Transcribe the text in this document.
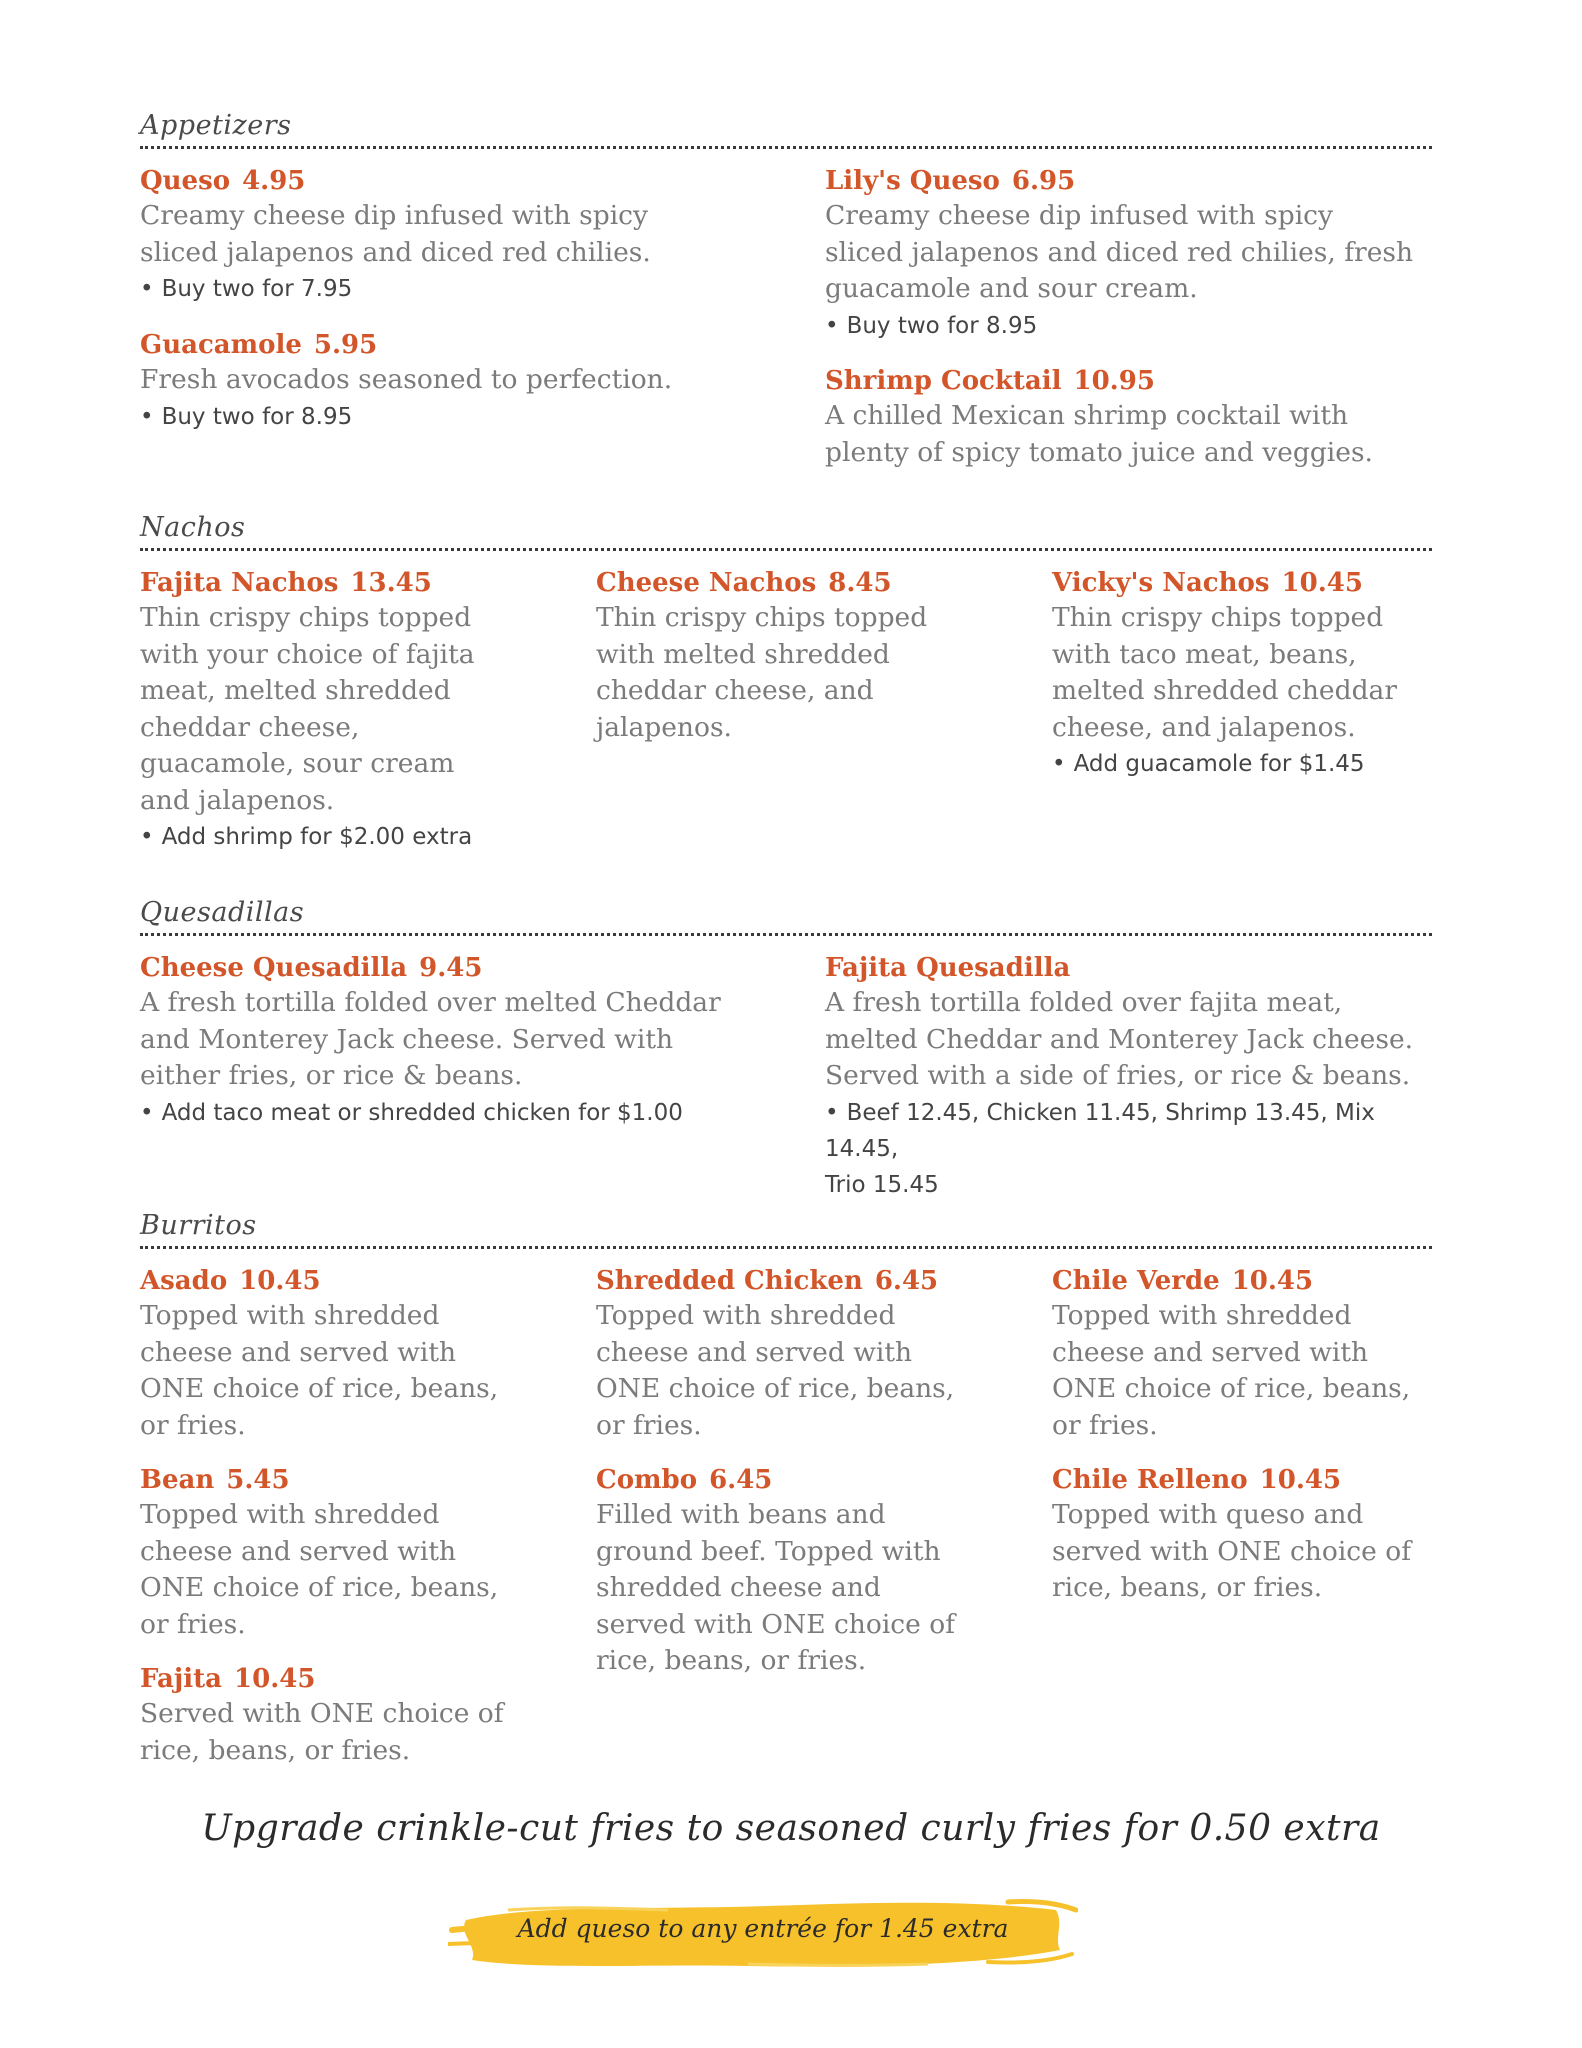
Appetizers
Queso 4.95
Creamy cheese dip infused with spicy
sliced jalapenos and diced red chilies.
• Buy two for 7.95
Guacamole 5.95
Fresh avocados seasoned to perfection.
• Buy two for 8.95
Lily's Queso 6.95
Creamy cheese dip infused with spicy
sliced jalapenos and diced red chilies, fresh
guacamole and sour cream.
• Buy two for 8.95
Shrimp Cocktail 10.95
A chilled Mexican shrimp cocktail with
plenty of spicy tomato juice and veggies.
Nachos
Fajita Nachos 13.45
Thin crispy chips topped
with your choice of fajita
meat, melted shredded
cheddar cheese,
guacamole, sour cream
and jalapenos.
• Add shrimp for $2.00 extra
Cheese Nachos 8.45
Thin crispy chips topped
with melted shredded
cheddar cheese, and
jalapenos.
Vicky's Nachos 10.45
Thin crispy chips topped
with taco meat, beans,
melted shredded cheddar
cheese, and jalapenos.
• Add guacamole for $1.45
Quesadillas
Cheese Quesadilla 9.45
A fresh tortilla folded over melted Cheddar
and Monterey Jack cheese. Served with
either fries, or rice & beans.
• Add taco meat or shredded chicken for $1.00
Fajita Quesadilla
A fresh tortilla folded over fajita meat,
melted Cheddar and Monterey Jack cheese.
Served with a side of fries, or rice & beans.
• Beef 12.45, Chicken 11.45, Shrimp 13.45, Mix 14.45,
Trio 15.45
Burritos
Asado 10.45
Topped with shredded
cheese and served with
ONE choice of rice, beans,
or fries.
Bean 5.45
Topped with shredded
cheese and served with
ONE choice of rice, beans,
or fries.
Fajita 10.45
Served with ONE choice of
rice, beans, or fries.
Shredded Chicken 6.45
Topped with shredded
cheese and served with
ONE choice of rice, beans,
or fries.
Combo 6.45
Filled with beans and
ground beef. Topped with
shredded cheese and
served with ONE choice of
rice, beans, or fries.
Chile Verde 10.45
Topped with shredded
cheese and served with
ONE choice of rice, beans,
or fries.
Chile Relleno 10.45
Topped with queso and
served with ONE choice of
rice, beans, or fries.
Upgrade crinkle-cut fries to seasoned curly fries for 0.50 extra
Add queso to any entrée for 1.45 extra
